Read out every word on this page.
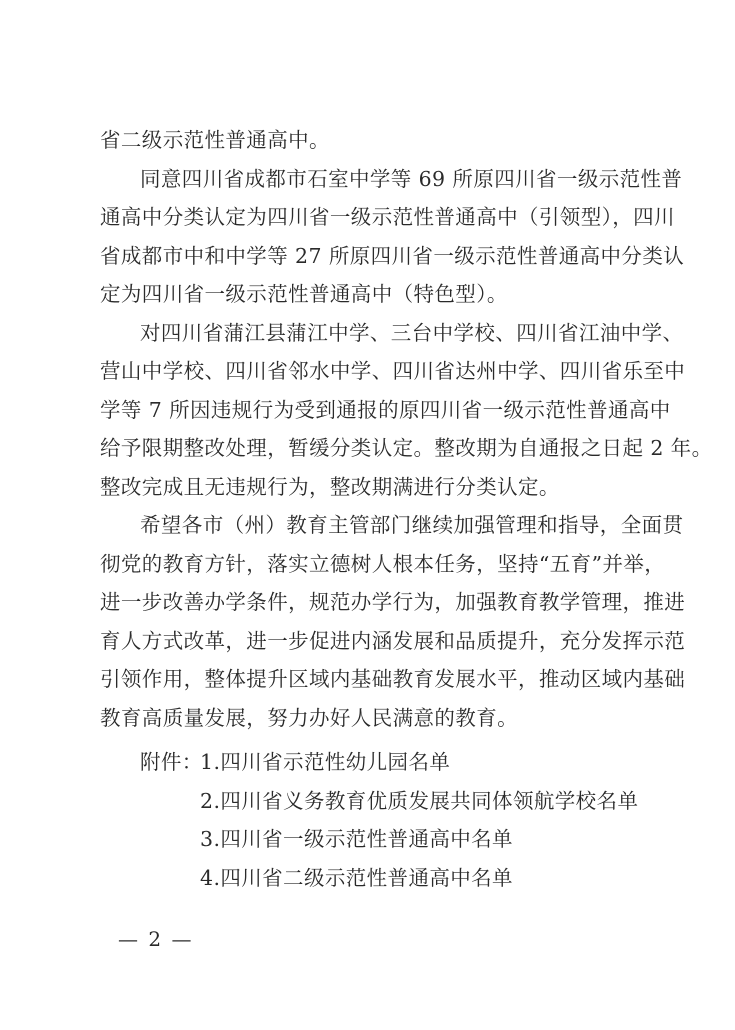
省二级示范性普通高中。
同意四川省成都市石室中学等 69 所原四川省一级示范性普
通高中分类认定为四川省一级示范性普通高中（引领型），四川
省成都市中和中学等 27 所原四川省一级示范性普通高中分类认
定为四川省一级示范性普通高中（特色型）。
对四川省蒲江县蒲江中学、三台中学校、四川省江油中学、
营山中学校、四川省邻水中学、四川省达州中学、四川省乐至中
学等 7 所因违规行为受到通报的原四川省一级示范性普通高中
给予限期整改处理，暂缓分类认定。整改期为自通报之日起 2 年。
整改完成且无违规行为，整改期满进行分类认定。
希望各市（州）教育主管部门继续加强管理和指导，全面贯
彻党的教育方针，落实立德树人根本任务，坚持“五育”并举，
进一步改善办学条件，规范办学行为，加强教育教学管理，推进
育人方式改革，进一步促进内涵发展和品质提升，充分发挥示范
引领作用，整体提升区域内基础教育发展水平，推动区域内基础
教育高质量发展，努力办好人民满意的教育。
附件：1.四川省示范性幼儿园名单
2.四川省义务教育优质发展共同体领航学校名单
3.四川省一级示范性普通高中名单
4.四川省二级示范性普通高中名单
— 2 —
